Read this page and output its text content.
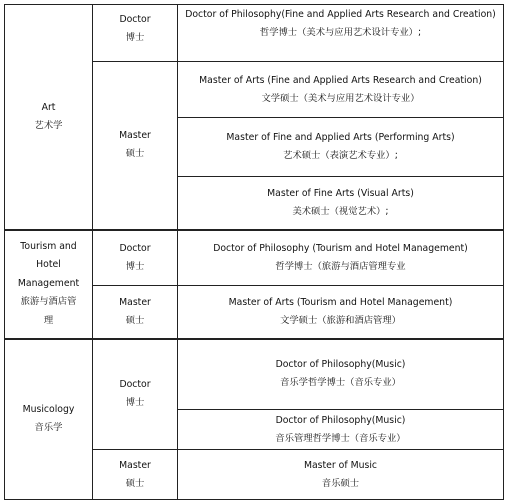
Art
艺术学	Doctor
博士	Doctor of Philosophy(Fine and Applied Arts Research and Creation)
哲学博士（美术与应用艺术设计专业）;

	Master
硕士	Master of Arts (Fine and Applied Arts Research and Creation)
文学硕士（美术与应用艺术设计专业）

		Master of Fine and Applied Arts (Performing Arts)
艺术硕士（表演艺术专业）;

		Master of Fine Arts (Visual Arts)
美术硕士（视觉艺术）;

Tourism and
Hotel
Management
旅游与酒店管
理	Doctor
博士	Doctor of Philosophy (Tourism and Hotel Management)
哲学博士（旅游与酒店管理专业

	Master
硕士	Master of Arts (Tourism and Hotel Management)
文学硕士（旅游和酒店管理）

Musicology
音乐学	Doctor
博士	Doctor of Philosophy(Music)
音乐学哲学博士（音乐专业）

		Doctor of Philosophy(Music)
音乐管理哲学博士（音乐专业）

	Master
硕士	Master of Music
音乐硕士
